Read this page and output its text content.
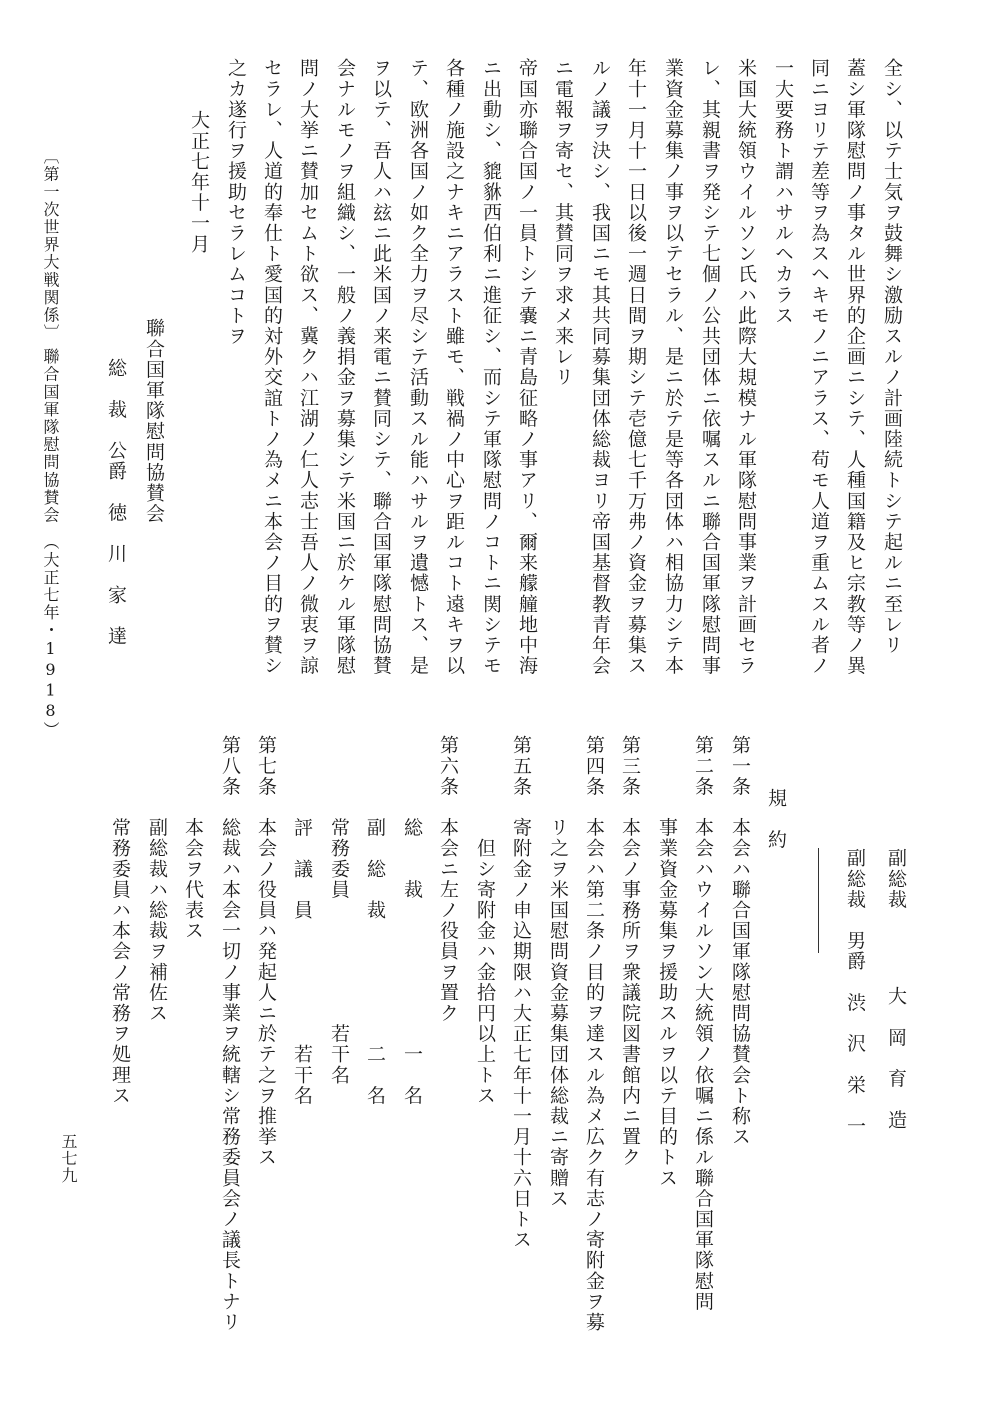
全シ、以テ士気ヲ鼓舞シ激励スルノ計画陸続トシテ起ルニ至レリ
蓋シ軍隊慰問ノ事タル世界的企画ニシテ、人種国籍及ヒ宗教等ノ異
同ニヨリテ差等ヲ為スヘキモノニアラス、苟モ人道ヲ重ムスル者ノ
一大要務ト謂ハサルヘカラス
米国大統領ウイルソン氏ハ此際大規模ナル軍隊慰問事業ヲ計画セラ
レ、其親書ヲ発シテ七個ノ公共団体ニ依嘱スルニ聯合国軍隊慰問事
業資金募集ノ事ヲ以テセラル、是ニ於テ是等各団体ハ相協力シテ本
年十一月十一日以後一週日間ヲ期シテ壱億七千万弗ノ資金ヲ募集ス
ルノ議ヲ決シ、我国ニモ其共同募集団体総裁ヨリ帝国基督教青年会
ニ電報ヲ寄セ、其賛同ヲ求メ来レリ
帝国亦聯合国ノ一員トシテ嚢ニ青島征略ノ事アリ、爾来艨艟地中海
ニ出動シ、貔貅西伯利ニ進征シ、而シテ軍隊慰問ノコトニ関シテモ
各種ノ施設之ナキニアラスト雖モ、戦禍ノ中心ヲ距ルコト遠キヲ以
テ、欧洲各国ノ如ク全力ヲ尽シテ活動スル能ハサルヲ遺憾トス、是
ヲ以テ、吾人ハ玆ニ此米国ノ来電ニ賛同シテ、聯合国軍隊慰問協賛
会ナルモノヲ組織シ、一般ノ義捐金ヲ募集シテ米国ニ於ケル軍隊慰
問ノ大挙ニ賛加セムト欲ス、冀クハ江湖ノ仁人志士吾人ノ微衷ヲ諒
セラレ、人道的奉仕ト愛国的対外交誼トノ為メニ本会ノ目的ヲ賛シ
之カ遂行ヲ援助セラレムコトヲ
大正七年十一月
聯合国軍隊慰問協賛会
総　裁　公爵　徳　川　家　達
〔第一次世界大戦関係〕
聯合国軍隊慰問協賛会　（大正七年・1918）
副総裁
大　岡　育　造
副総裁　男爵　渋　沢　栄　一
規　約
第一条　本会ハ聯合国軍隊慰問協賛会ト称ス
第二条　本会ハウイルソン大統領ノ依嘱ニ係ル聯合国軍隊慰問
　　　　事業資金募集ヲ援助スルヲ以テ目的トス
第三条　本会ノ事務所ヲ衆議院図書館内ニ置ク
第四条　本会ハ第二条ノ目的ヲ達スル為メ広ク有志ノ寄附金ヲ募
　　　　リ之ヲ米国慰問資金募集団体総裁ニ寄贈ス
第五条　寄附金ノ申込期限ハ大正七年十一月十六日トス
　　　　　但シ寄附金ハ金拾円以上トス
第六条　本会ニ左ノ役員ヲ置ク
　　　　総　　裁　　　　　　　一　名
　　　　副　総　裁　　　　　　二　名
　　　　常務委員　　　　　　若干名
　　　　評　議　員　　　　　　若干名
第七条　本会ノ役員ハ発起人ニ於テ之ヲ推挙ス
第八条　総裁ハ本会一切ノ事業ヲ統轄シ常務委員会ノ議長トナリ
　　　　本会ヲ代表ス
　　　　副総裁ハ総裁ヲ補佐ス
　　　　常務委員ハ本会ノ常務ヲ処理ス
五七九
